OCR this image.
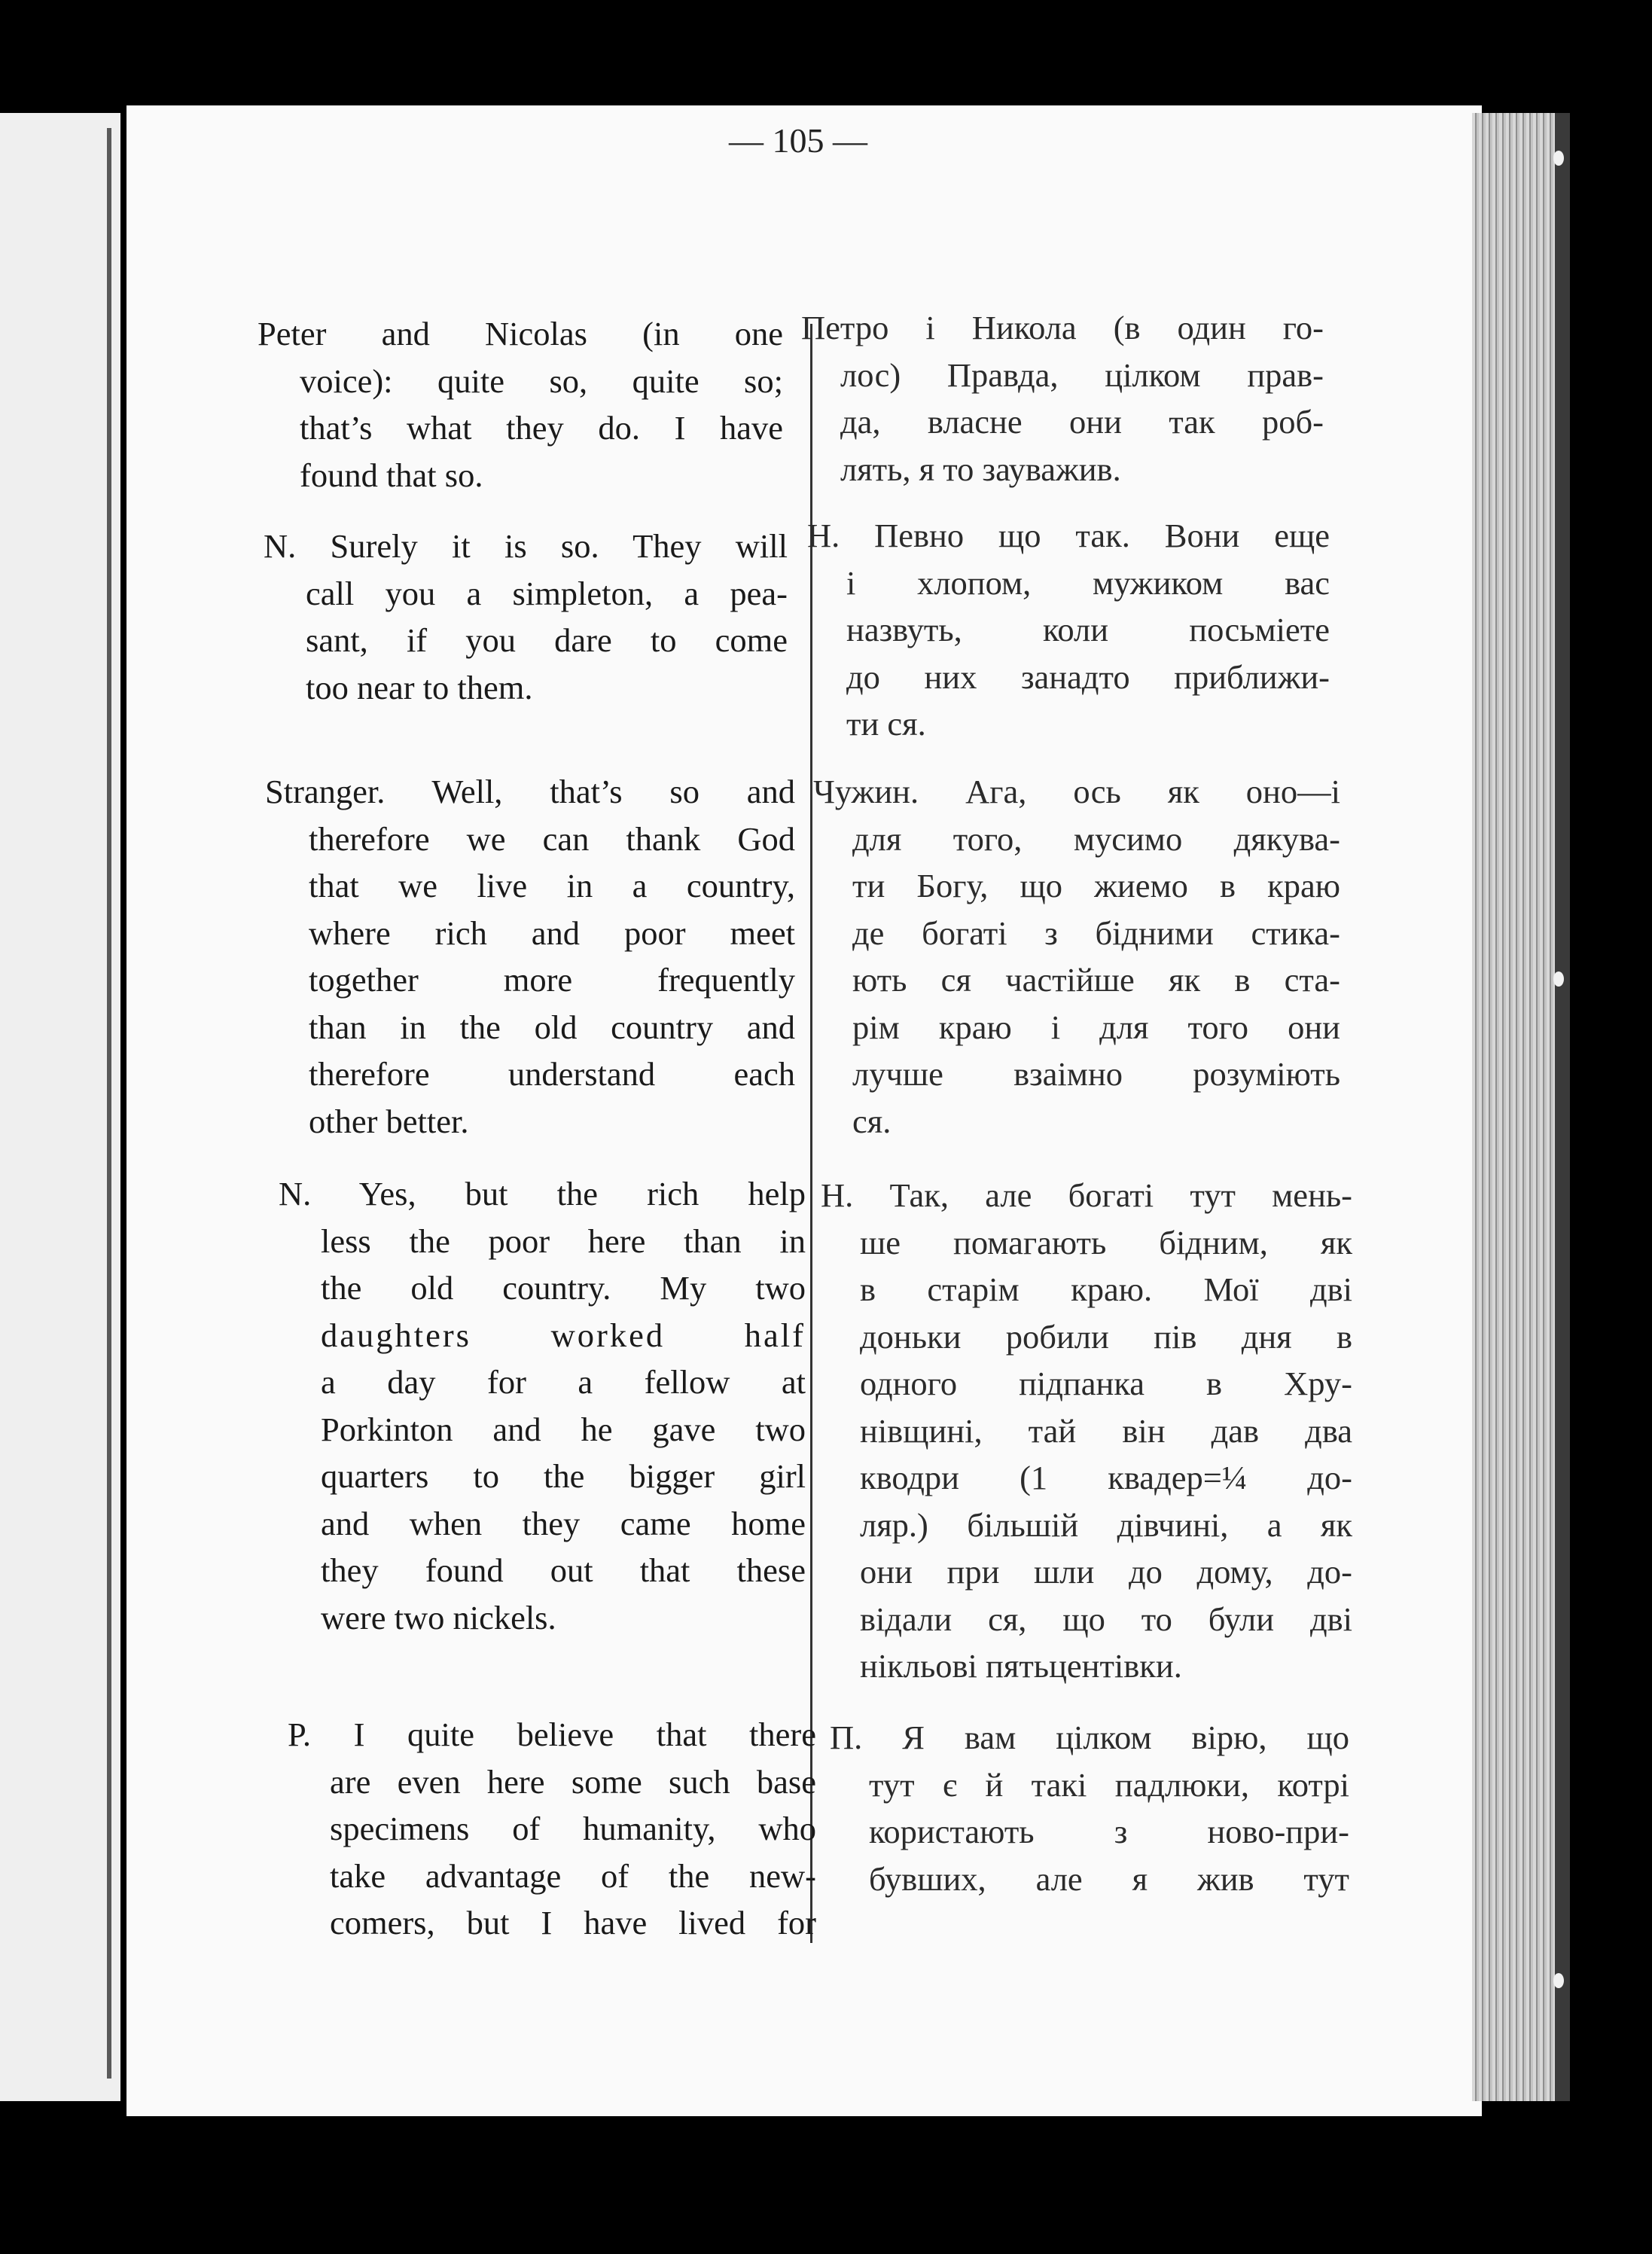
— 105 —
Peter and Nicolas (in one
voice): quite so, quite so;
that’s what they do. I have
found that so.
Петро і Никола (в один го-
лос) Правда, цілком прав-
да, власне они так роб-
лять, я то зауважив.
N. Surely it is so. They will
call you a simpleton, a pea-
sant, if you dare to come
too near to them.
Н. Певно що так. Вони еще
і хлопом, мужиком вас
назвуть, коли посьміете
до них занадто приближи-
ти ся.
Stranger. Well, that’s so and
therefore we can thank God
that we live in a country,
where rich and poor meet
together more frequently
than in the old country and
therefore understand each
other better.
Чужин. Ага, ось як оно—і
для того, мусимо дякува-
ти Богу, що жиемо в краю
де богаті з бідними стика-
ють ся частійше як в ста-
рім краю і для того они
лучше взаімно розуміють
ся.
N. Yes, but the rich help
less the poor here than in
the old country. My two
daughters worked half
a day for a fellow at
Porkinton and he gave two
quarters to the bigger girl
and when they came home
they found out that these
were two nickels.
Н. Так, але богаті тут мень-
ше помагають бідним, як
в старім краю. Мої дві
доньки робили пів дня в
одного підпанка в Хру-
нівщині, тай він дав два
кводри (1 квадер=¼ до-
ляр.) більшій дівчині, а як
они при шли до дому, до-
відали ся, що то були дві
нікльові пятьцентівки.
P. I quite believe that there
are even here some such base
specimens of humanity, who
take advantage of the new-
comers, but I have lived for
П. Я вам цілком вірю, що
тут є й такі падлюки, котрі
користають з ново-при-
бувших, але я жив тут
